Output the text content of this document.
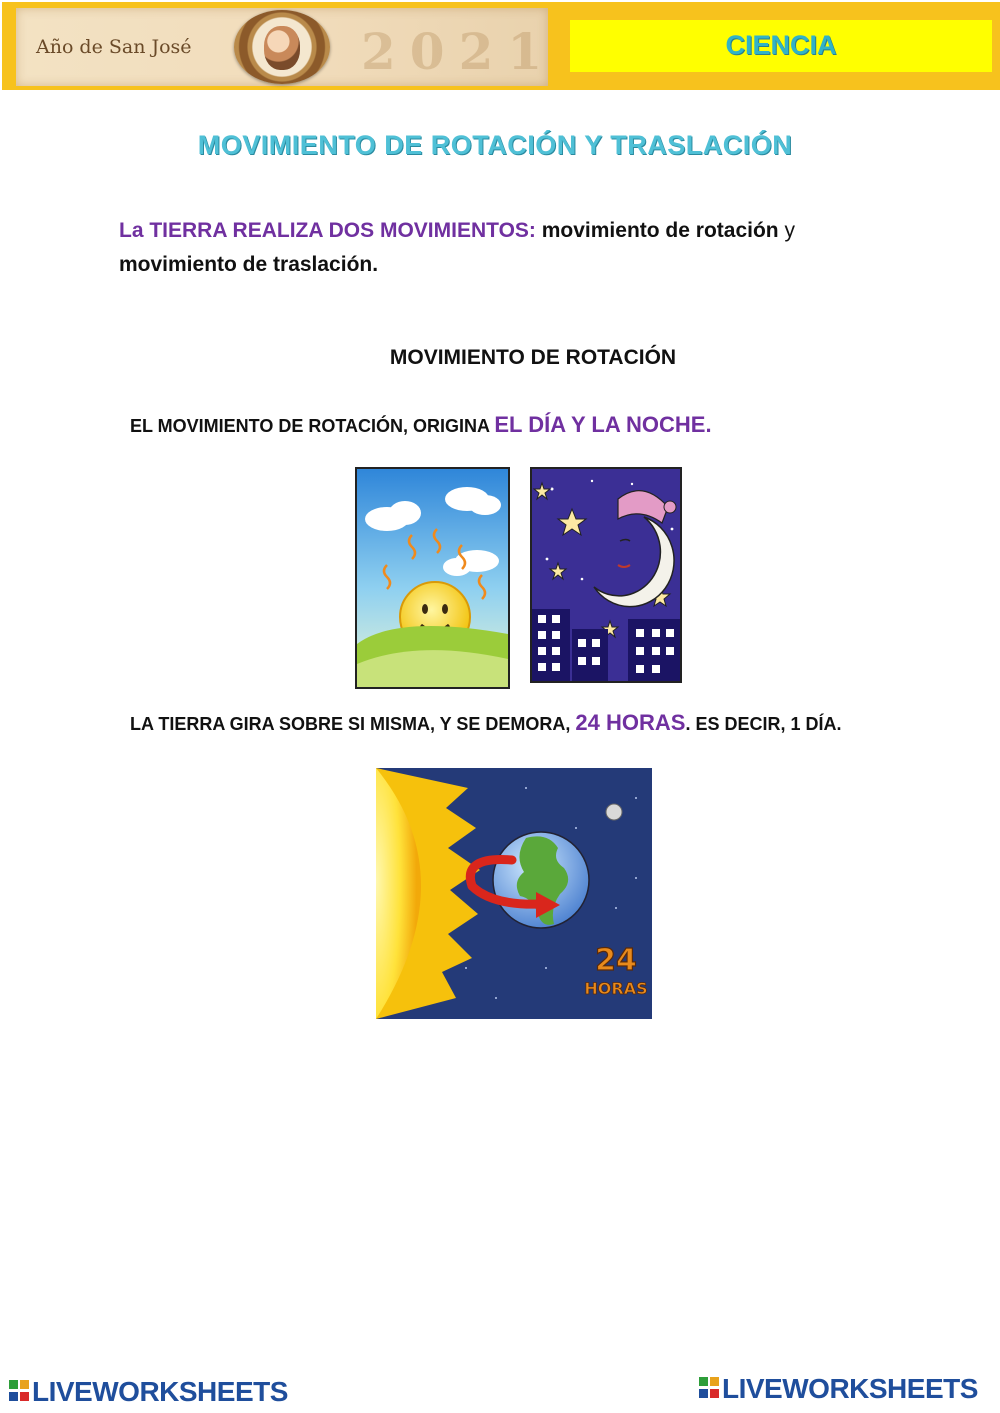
Año de San José	2021	CIENCIA
MOVIMIENTO DE ROTACIÓN Y TRASLACIÓN
La TIERRA REALIZA DOS MOVIMIENTOS: movimiento de rotación y
movimiento de traslación.
MOVIMIENTO DE ROTACIÓN
EL MOVIMIENTO DE ROTACIÓN, ORIGINA EL DÍA Y LA NOCHE.
LA TIERRA GIRA SOBRE SI MISMA, Y SE DEMORA, 24 HORAS. ES DECIR, 1 DÍA.
24
HORAS
LIVEWORKSHEETS	LIVEWORKSHEETS
